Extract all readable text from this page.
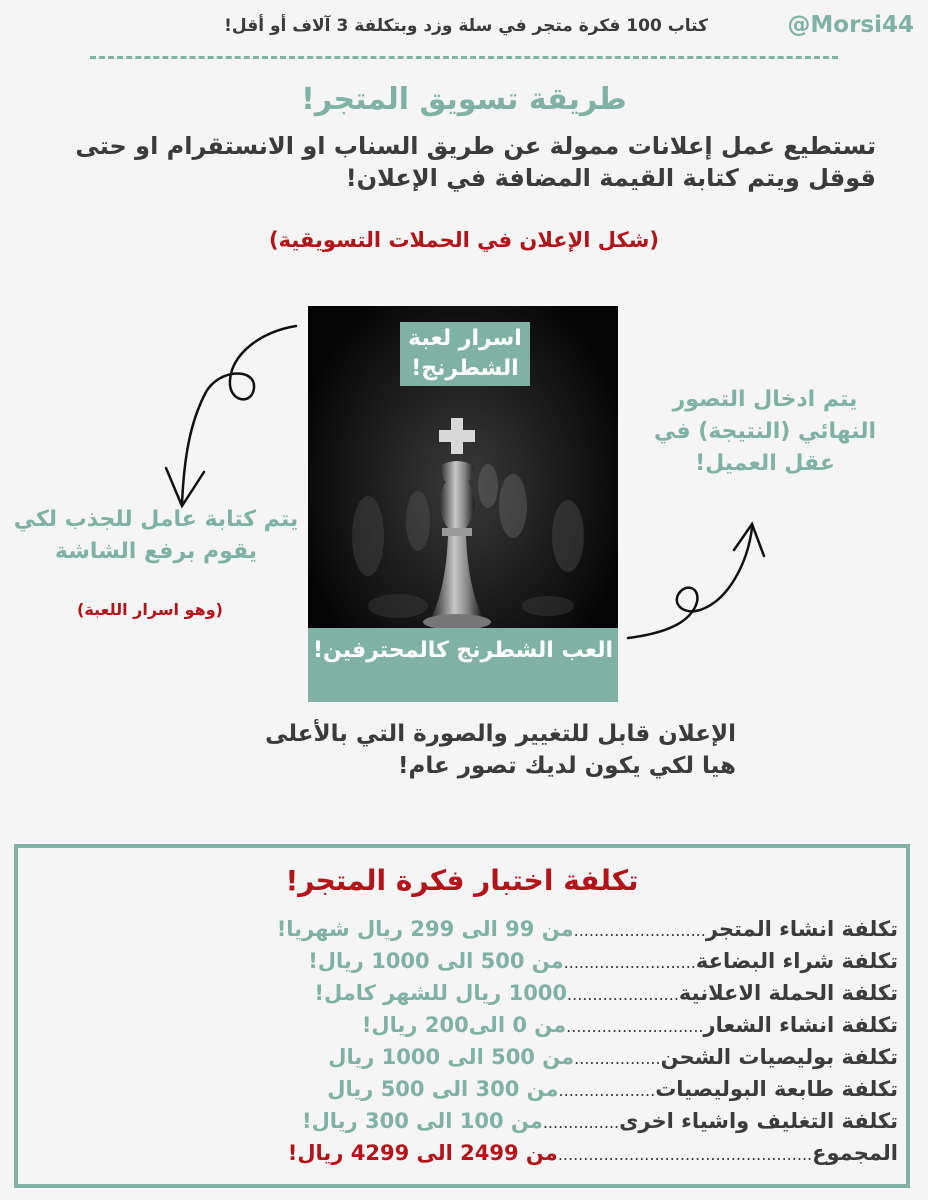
كتاب 100 فكرة متجر في سلة وزد وبتكلفة 3 آلاف أو أقل!	@Morsi44
طريقة تسويق المتجر!
تستطيع عمل إعلانات ممولة عن طريق السناب او الانستقرام او حتى قوقل ويتم كتابة القيمة المضافة في الإعلان!
(شكل الإعلان في الحملات التسويقية)
اسرار لعبة الشطرنج!
العب الشطرنج كالمحترفين!
يتم ادخال التصور النهائي (النتيجة) في عقل العميل!
يتم كتابة عامل للجذب لكي يقوم برفع الشاشة
(وهو اسرار اللعبة)
الإعلان قابل للتغيير والصورة التي بالأعلى هيا لكي يكون لديك تصور عام!
تكلفة اختبار فكرة المتجر!
تكلفة انشاء المتجر..........................من 99 الى 299 ريال شهريا!
تكلفة شراء البضاعة..........................من 500 الى 1000 ريال!
تكلفة الحملة الاعلانية......................1000 ريال للشهر كامل!
تكلفة انشاء الشعار...........................من 0 الى200 ريال!
تكلفة بوليصيات الشحن.................من 500 الى 1000 ريال
تكلفة طابعة البوليصيات...................من 300 الى 500 ريال
تكلفة التغليف واشياء اخرى...............من 100 الى 300 ريال!
المجموع..................................................من 2499 الى 4299 ريال!
